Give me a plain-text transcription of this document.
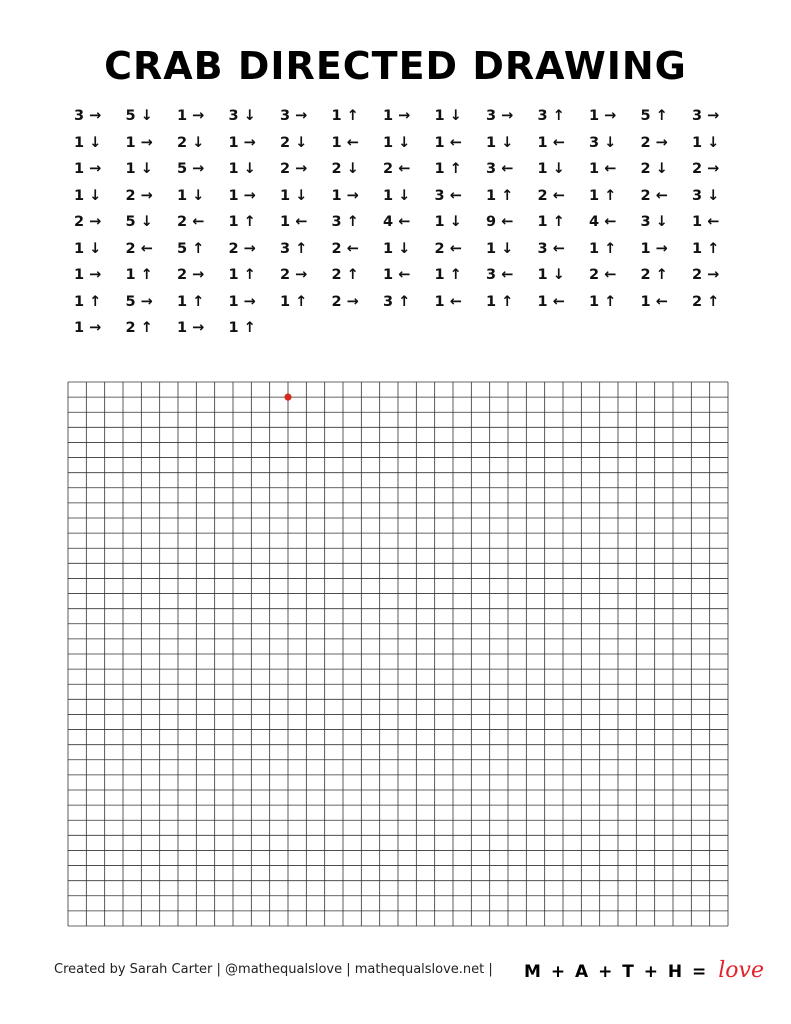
CRAB DIRECTED DRAWING
3 → 5 ↓ 1 → 3 ↓ 3 → 1 ↑ 1 → 1 ↓ 3 → 3 ↑ 1 → 5 ↑ 3 →
1 ↓ 1 → 2 ↓ 1 → 2 ↓ 1 ← 1 ↓ 1 ← 1 ↓ 1 ← 3 ↓ 2 → 1 ↓
1 → 1 ↓ 5 → 1 ↓ 2 → 2 ↓ 2 ← 1 ↑ 3 ← 1 ↓ 1 ← 2 ↓ 2 →
1 ↓ 2 → 1 ↓ 1 → 1 ↓ 1 → 1 ↓ 3 ← 1 ↑ 2 ← 1 ↑ 2 ← 3 ↓
2 → 5 ↓ 2 ← 1 ↑ 1 ← 3 ↑ 4 ← 1 ↓ 9 ← 1 ↑ 4 ← 3 ↓ 1 ←
1 ↓ 2 ← 5 ↑ 2 → 3 ↑ 2 ← 1 ↓ 2 ← 1 ↓ 3 ← 1 ↑ 1 → 1 ↑
1 → 1 ↑ 2 → 1 ↑ 2 → 2 ↑ 1 ← 1 ↑ 3 ← 1 ↓ 2 ← 2 ↑ 2 →
1 ↑ 5 → 1 ↑ 1 → 1 ↑ 2 → 3 ↑ 1 ← 1 ↑ 1 ← 1 ↑ 1 ← 2 ↑
1 → 2 ↑ 1 → 1 ↑
Created by Sarah Carter | @mathequalslove | mathequalslove.net | M + A + T + H = love
